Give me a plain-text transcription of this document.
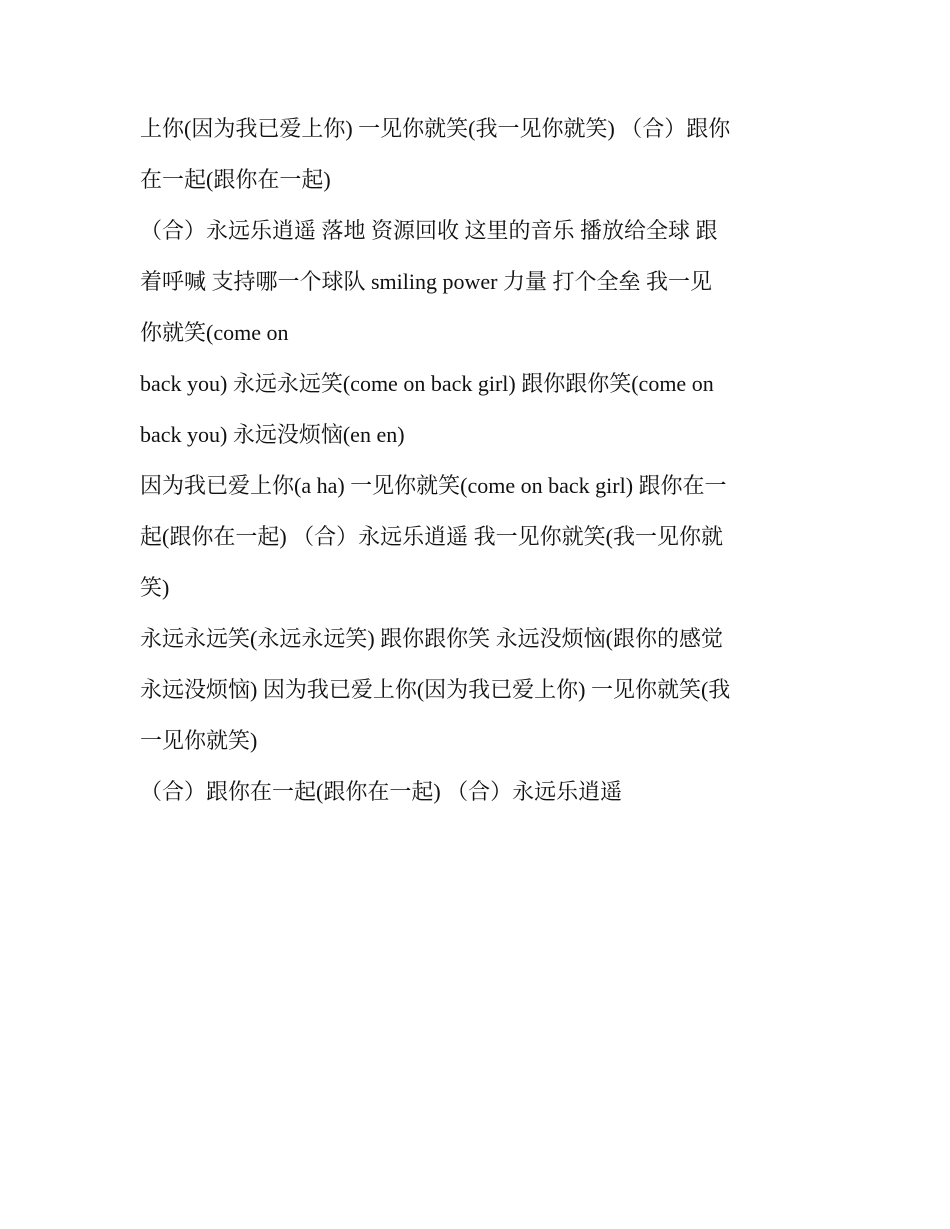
上你(因为我已爱上你) 一见你就笑(我一见你就笑) （合）跟你
在一起(跟你在一起)
（合）永远乐逍遥 落地 资源回收 这里的音乐 播放给全球 跟
着呼喊 支持哪一个球队 smiling power 力量 打个全垒 我一见
你就笑(come on
back you) 永远永远笑(come on back girl) 跟你跟你笑(come on
back you) 永远没烦恼(en en)
因为我已爱上你(a ha) 一见你就笑(come on back girl) 跟你在一
起(跟你在一起) （合）永远乐逍遥 我一见你就笑(我一见你就
笑)
永远永远笑(永远永远笑) 跟你跟你笑 永远没烦恼(跟你的感觉
永远没烦恼) 因为我已爱上你(因为我已爱上你) 一见你就笑(我
一见你就笑)
（合）跟你在一起(跟你在一起) （合）永远乐逍遥
